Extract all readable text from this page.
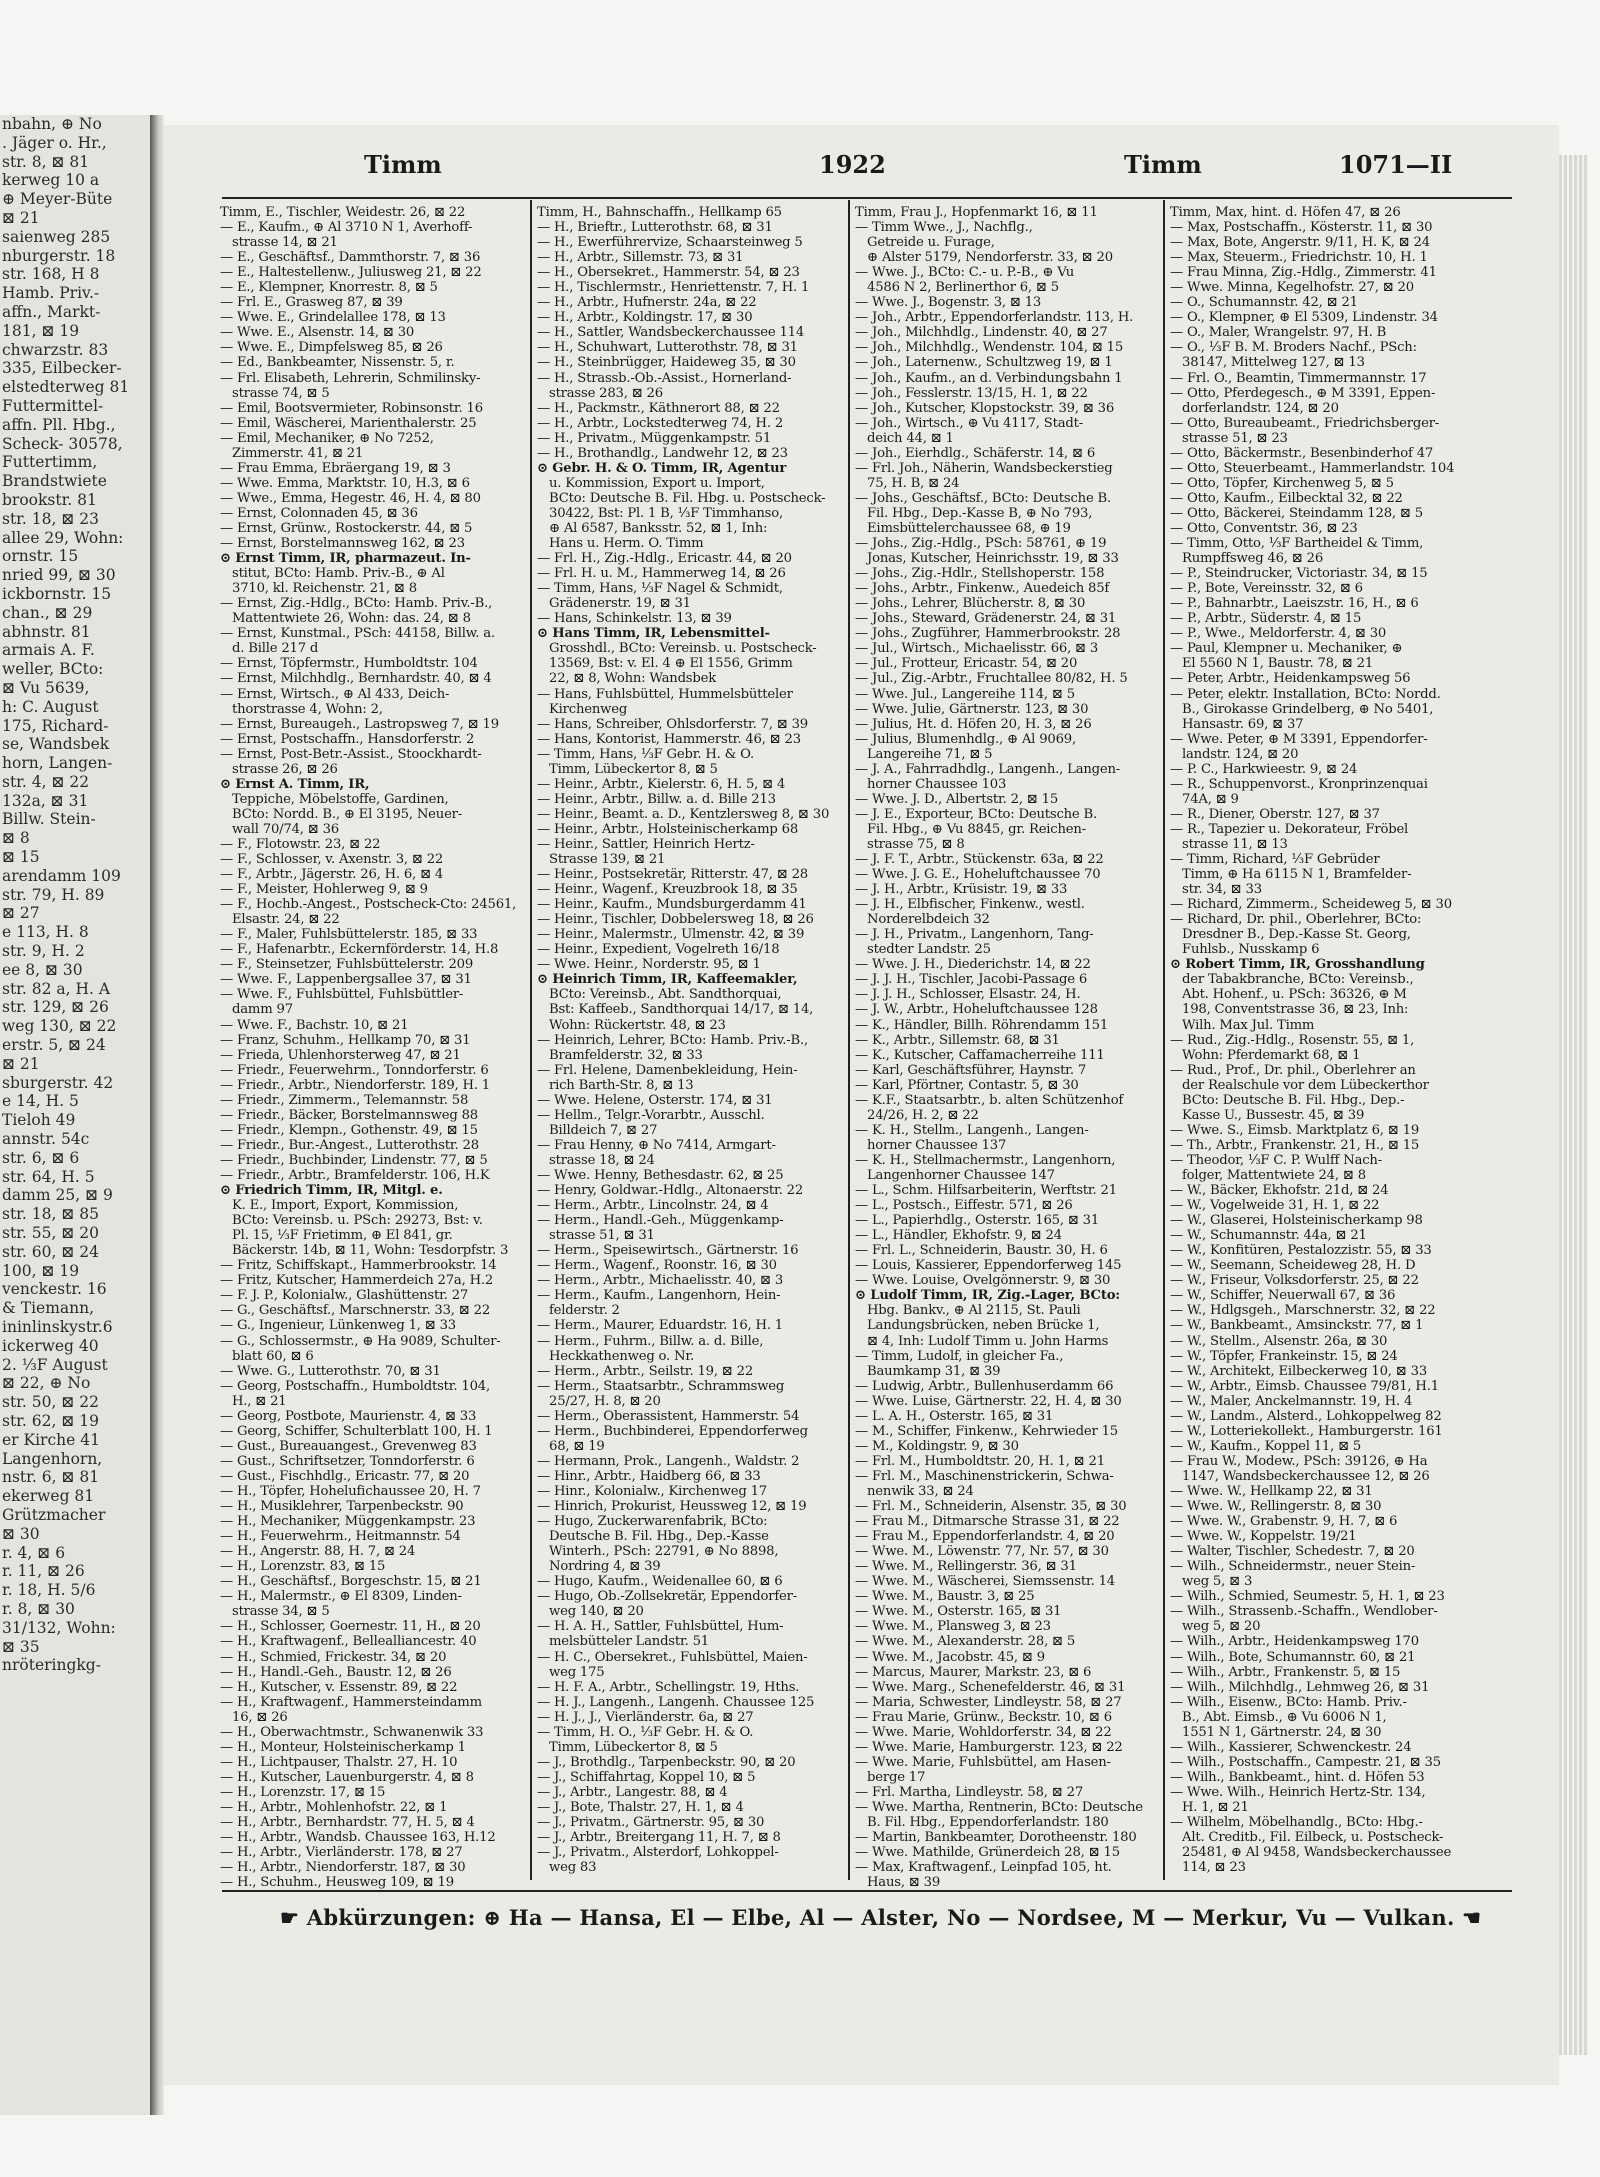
nbahn, ⊕ No
. Jäger o. Hr.,
str. 8, ⊠ 81
kerweg 10 a
⊕ Meyer-Büte
⊠ 21
saienweg 285
nburgerstr. 18
str. 168, H 8
Hamb. Priv.-
affn., Markt-
181, ⊠ 19
chwarzstr. 83
335, Eilbecker-
elstedterweg 81
Futtermittel-
affn. Pll. Hbg.,
Scheck- 30578,
Futtertimm,
Brandstwiete
brookstr. 81
str. 18, ⊠ 23
allee 29, Wohn:
ornstr. 15
nried 99, ⊠ 30
ickbornstr. 15
chan., ⊠ 29
abhnstr. 81
armais A. F.
weller, BCto:
⊠ Vu 5639,
h: C. August
175, Richard-
se, Wandsbek
horn, Langen-
str. 4, ⊠ 22
132a, ⊠ 31
Billw. Stein-
⊠ 8
⊠ 15
arendamm 109
str. 79, H. 89
⊠ 27
e 113, H. 8
str. 9, H. 2
ee 8, ⊠ 30
str. 82 a, H. A
str. 129, ⊠ 26
weg 130, ⊠ 22
erstr. 5, ⊠ 24
⊠ 21
sburgerstr. 42
e 14, H. 5
Tieloh 49
annstr. 54c
str. 6, ⊠ 6
str. 64, H. 5
damm 25, ⊠ 9
str. 18, ⊠ 85
str. 55, ⊠ 20
str. 60, ⊠ 24
100, ⊠ 19
venckestr. 16
& Tiemann,
ininlinskystr.6
ickerweg 40
2. ⅓F August
⊠ 22, ⊕ No
str. 50, ⊠ 22
str. 62, ⊠ 19
er Kirche 41
Langenhorn,
nstr. 6, ⊠ 81
ekerweg 81
Grützmacher
⊠ 30
r. 4, ⊠ 6
r. 11, ⊠ 26
r. 18, H. 5/6
r. 8, ⊠ 30
31/132, Wohn:
⊠ 35
nröteringkg-
Timm	1922	Timm	1071—II
Timm, E., Tischler, Weidestr. 26, ⊠ 22
— E., Kaufm., ⊕ Al 3710 N 1, Averhoff-
strasse 14, ⊠ 21
— E., Geschäftsf., Dammthorstr. 7, ⊠ 36
— E., Haltestellenw., Juliusweg 21, ⊠ 22
— E., Klempner, Knorrestr. 8, ⊠ 5
— Frl. E., Grasweg 87, ⊠ 39
— Wwe. E., Grindelallee 178, ⊠ 13
— Wwe. E., Alsenstr. 14, ⊠ 30
— Wwe. E., Dimpfelsweg 85, ⊠ 26
— Ed., Bankbeamter, Nissenstr. 5, r.
— Frl. Elisabeth, Lehrerin, Schmilinsky-
strasse 74, ⊠ 5
— Emil, Bootsvermieter, Robinsonstr. 16
— Emil, Wäscherei, Marienthalerstr. 25
— Emil, Mechaniker, ⊕ No 7252,
Zimmerstr. 41, ⊠ 21
— Frau Emma, Ebräergang 19, ⊠ 3
— Wwe. Emma, Marktstr. 10, H.3, ⊠ 6
— Wwe., Emma, Hegestr. 46, H. 4, ⊠ 80
— Ernst, Colonnaden 45, ⊠ 36
— Ernst, Grünw., Rostockerstr. 44, ⊠ 5
— Ernst, Borstelmannsweg 162, ⊠ 23
⊙ Ernst Timm, IR, pharmazeut. In-
stitut, BCto: Hamb. Priv.-B., ⊕ Al
3710, kl. Reichenstr. 21, ⊠ 8
— Ernst, Zig.-Hdlg., BCto: Hamb. Priv.-B.,
Mattentwiete 26, Wohn: das. 24, ⊠ 8
— Ernst, Kunstmal., PSch: 44158, Billw. a.
d. Bille 217 d
— Ernst, Töpfermstr., Humboldtstr. 104
— Ernst, Milchhdlg., Bernhardstr. 40, ⊠ 4
— Ernst, Wirtsch., ⊕ Al 433, Deich-
thorstrasse 4, Wohn: 2,
— Ernst, Bureaugeh., Lastropsweg 7, ⊠ 19
— Ernst, Postschaffn., Hansdorferstr. 2
— Ernst, Post-Betr.-Assist., Stoockhardt-
strasse 26, ⊠ 26
⊙ Ernst A. Timm, IR,
Teppiche, Möbelstoffe, Gardinen,
BCto: Nordd. B., ⊕ El 3195, Neuer-
wall 70/74, ⊠ 36
— F., Flotowstr. 23, ⊠ 22
— F., Schlosser, v. Axenstr. 3, ⊠ 22
— F., Arbtr., Jägerstr. 26, H. 6, ⊠ 4
— F., Meister, Hohlerweg 9, ⊠ 9
— F., Hochb.-Angest., Postscheck-Cto: 24561,
Elsastr. 24, ⊠ 22
— F., Maler, Fuhlsbüttelerstr. 185, ⊠ 33
— F., Hafenarbtr., Eckernförderstr. 14, H.8
— F., Steinsetzer, Fuhlsbüttelerstr. 209
— Wwe. F., Lappenbergsallee 37, ⊠ 31
— Wwe. F., Fuhlsbüttel, Fuhlsbüttler-
damm 97
— Wwe. F., Bachstr. 10, ⊠ 21
— Franz, Schuhm., Hellkamp 70, ⊠ 31
— Frieda, Uhlenhorsterweg 47, ⊠ 21
— Friedr., Feuerwehrm., Tonndorferstr. 6
— Friedr., Arbtr., Niendorferstr. 189, H. 1
— Friedr., Zimmerm., Telemannstr. 58
— Friedr., Bäcker, Borstelmannsweg 88
— Friedr., Klempn., Gothenstr. 49, ⊠ 15
— Friedr., Bur.-Angest., Lutterothstr. 28
— Friedr., Buchbinder, Lindenstr. 77, ⊠ 5
— Friedr., Arbtr., Bramfelderstr. 106, H.K
⊙ Friedrich Timm, IR, Mitgl. e.
K. E., Import, Export, Kommission,
BCto: Vereinsb. u. PSch: 29273, Bst: v.
Pl. 15, ⅓F Frietimm, ⊕ El 841, gr.
Bäckerstr. 14b, ⊠ 11, Wohn: Tesdorpfstr. 3
— Fritz, Schiffskapt., Hammerbrookstr. 14
— Fritz, Kutscher, Hammerdeich 27a, H.2
— F. J. P., Kolonialw., Glashüttenstr. 27
— G., Geschäftsf., Marschnerstr. 33, ⊠ 22
— G., Ingenieur, Lünkenweg 1, ⊠ 33
— G., Schlossermstr., ⊕ Ha 9089, Schulter-
blatt 60, ⊠ 6
— Wwe. G., Lutterothstr. 70, ⊠ 31
— Georg, Postschaffn., Humboldtstr. 104,
H., ⊠ 21
— Georg, Postbote, Maurienstr. 4, ⊠ 33
— Georg, Schiffer, Schulterblatt 100, H. 1
— Gust., Bureauangest., Grevenweg 83
— Gust., Schriftsetzer, Tonndorferstr. 6
— Gust., Fischhdlg., Ericastr. 77, ⊠ 20
— H., Töpfer, Hohelufichaussee 20, H. 7
— H., Musiklehrer, Tarpenbeckstr. 90
— H., Mechaniker, Müggenkampstr. 23
— H., Feuerwehrm., Heitmannstr. 54
— H., Angerstr. 88, H. 7, ⊠ 24
— H., Lorenzstr. 83, ⊠ 15
— H., Geschäftsf., Borgeschstr. 15, ⊠ 21
— H., Malermstr., ⊕ El 8309, Linden-
strasse 34, ⊠ 5
— H., Schlosser, Goernestr. 11, H., ⊠ 20
— H., Kraftwagenf., Bellealliancestr. 40
— H., Schmied, Frickestr. 34, ⊠ 20
— H., Handl.-Geh., Baustr. 12, ⊠ 26
— H., Kutscher, v. Essenstr. 89, ⊠ 22
— H., Kraftwagenf., Hammersteindamm
16, ⊠ 26
— H., Oberwachtmstr., Schwanenwik 33
— H., Monteur, Holsteinischerkamp 1
— H., Lichtpauser, Thalstr. 27, H. 10
— H., Kutscher, Lauenburgerstr. 4, ⊠ 8
— H., Lorenzstr. 17, ⊠ 15
— H., Arbtr., Mohlenhofstr. 22, ⊠ 1
— H., Arbtr., Bernhardstr. 77, H. 5, ⊠ 4
— H., Arbtr., Wandsb. Chaussee 163, H.12
— H., Arbtr., Vierländerstr. 178, ⊠ 27
— H., Arbtr., Niendorferstr. 187, ⊠ 30
— H., Schuhm., Heusweg 109, ⊠ 19
Timm, H., Bahnschaffn., Hellkamp 65
— H., Brieftr., Lutterothstr. 68, ⊠ 31
— H., Ewerführervize, Schaarsteinweg 5
— H., Arbtr., Sillemstr. 73, ⊠ 31
— H., Obersekret., Hammerstr. 54, ⊠ 23
— H., Tischlermstr., Henriettenstr. 7, H. 1
— H., Arbtr., Hufnerstr. 24a, ⊠ 22
— H., Arbtr., Koldingstr. 17, ⊠ 30
— H., Sattler, Wandsbeckerchaussee 114
— H., Schuhwart, Lutterothstr. 78, ⊠ 31
— H., Steinbrügger, Haideweg 35, ⊠ 30
— H., Strassb.-Ob.-Assist., Hornerland-
strasse 283, ⊠ 26
— H., Packmstr., Käthnerort 88, ⊠ 22
— H., Arbtr., Lockstedterweg 74, H. 2
— H., Privatm., Müggenkampstr. 51
— H., Brothandlg., Landwehr 12, ⊠ 23
⊙ Gebr. H. & O. Timm, IR, Agentur
u. Kommission, Export u. Import,
BCto: Deutsche B. Fil. Hbg. u. Postscheck-
30422, Bst: Pl. 1 B, ⅓F Timmhanso,
⊕ Al 6587, Banksstr. 52, ⊠ 1, Inh:
Hans u. Herm. O. Timm
— Frl. H., Zig.-Hdlg., Ericastr. 44, ⊠ 20
— Frl. H. u. M., Hammerweg 14, ⊠ 26
— Timm, Hans, ⅓F Nagel & Schmidt,
Grädenerstr. 19, ⊠ 31
— Hans, Schinkelstr. 13, ⊠ 39
⊙ Hans Timm, IR, Lebensmittel-
Grosshdl., BCto: Vereinsb. u. Postscheck-
13569, Bst: v. El. 4 ⊕ El 1556, Grimm
22, ⊠ 8, Wohn: Wandsbek
— Hans, Fuhlsbüttel, Hummelsbütteler
Kirchenweg
— Hans, Schreiber, Ohlsdorferstr. 7, ⊠ 39
— Hans, Kontorist, Hammerstr. 46, ⊠ 23
— Timm, Hans, ⅓F Gebr. H. & O.
Timm, Lübeckertor 8, ⊠ 5
— Heinr., Arbtr., Kielerstr. 6, H. 5, ⊠ 4
— Heinr., Arbtr., Billw. a. d. Bille 213
— Heinr., Beamt. a. D., Kentzlersweg 8, ⊠ 30
— Heinr., Arbtr., Holsteinischerkamp 68
— Heinr., Sattler, Heinrich Hertz-
Strasse 139, ⊠ 21
— Heinr., Postsekretär, Ritterstr. 47, ⊠ 28
— Heinr., Wagenf., Kreuzbrook 18, ⊠ 35
— Heinr., Kaufm., Mundsburgerdamm 41
— Heinr., Tischler, Dobbelersweg 18, ⊠ 26
— Heinr., Malermstr., Ulmenstr. 42, ⊠ 39
— Heinr., Expedient, Vogelreth 16/18
— Wwe. Heinr., Norderstr. 95, ⊠ 1
⊙ Heinrich Timm, IR, Kaffeemakler,
BCto: Vereinsb., Abt. Sandthorquai,
Bst: Kaffeeb., Sandthorquai 14/17, ⊠ 14,
Wohn: Rückertstr. 48, ⊠ 23
— Heinrich, Lehrer, BCto: Hamb. Priv.-B.,
Bramfelderstr. 32, ⊠ 33
— Frl. Helene, Damenbekleidung, Hein-
rich Barth-Str. 8, ⊠ 13
— Wwe. Helene, Osterstr. 174, ⊠ 31
— Hellm., Telgr.-Vorarbtr., Ausschl.
Billdeich 7, ⊠ 27
— Frau Henny, ⊕ No 7414, Armgart-
strasse 18, ⊠ 24
— Wwe. Henny, Bethesdastr. 62, ⊠ 25
— Henry, Goldwar.-Hdlg., Altonaerstr. 22
— Herm., Arbtr., Lincolnstr. 24, ⊠ 4
— Herm., Handl.-Geh., Müggenkamp-
strasse 51, ⊠ 31
— Herm., Speisewirtsch., Gärtnerstr. 16
— Herm., Wagenf., Roonstr. 16, ⊠ 30
— Herm., Arbtr., Michaelisstr. 40, ⊠ 3
— Herm., Kaufm., Langenhorn, Hein-
felderstr. 2
— Herm., Maurer, Eduardstr. 16, H. 1
— Herm., Fuhrm., Billw. a. d. Bille,
Heckkathenweg o. Nr.
— Herm., Arbtr., Seilstr. 19, ⊠ 22
— Herm., Staatsarbtr., Schrammsweg
25/27, H. 8, ⊠ 20
— Herm., Oberassistent, Hammerstr. 54
— Herm., Buchbinderei, Eppendorferweg
68, ⊠ 19
— Hermann, Prok., Langenh., Waldstr. 2
— Hinr., Arbtr., Haidberg 66, ⊠ 33
— Hinr., Kolonialw., Kirchenweg 17
— Hinrich, Prokurist, Heussweg 12, ⊠ 19
— Hugo, Zuckerwarenfabrik, BCto:
Deutsche B. Fil. Hbg., Dep.-Kasse
Winterh., PSch: 22791, ⊕ No 8898,
Nordring 4, ⊠ 39
— Hugo, Kaufm., Weidenallee 60, ⊠ 6
— Hugo, Ob.-Zollsekretär, Eppendorfer-
weg 140, ⊠ 20
— H. A. H., Sattler, Fuhlsbüttel, Hum-
melsbütteler Landstr. 51
— H. C., Obersekret., Fuhlsbüttel, Maien-
weg 175
— H. F. A., Arbtr., Schellingstr. 19, Hths.
— H. J., Langenh., Langenh. Chaussee 125
— H. J., J., Vierländerstr. 6a, ⊠ 27
— Timm, H. O., ⅓F Gebr. H. & O.
Timm, Lübeckertor 8, ⊠ 5
— J., Brothdlg., Tarpenbeckstr. 90, ⊠ 20
— J., Schiffahrtag, Koppel 10, ⊠ 5
— J., Arbtr., Langestr. 88, ⊠ 4
— J., Bote, Thalstr. 27, H. 1, ⊠ 4
— J., Privatm., Gärtnerstr. 95, ⊠ 30
— J., Arbtr., Breitergang 11, H. 7, ⊠ 8
— J., Privatm., Alsterdorf, Lohkoppel-
weg 83
Timm, Frau J., Hopfenmarkt 16, ⊠ 11
— Timm Wwe., J., Nachflg.,
Getreide u. Furage,
⊕ Alster 5179, Nendorferstr. 33, ⊠ 20
— Wwe. J., BCto: C.- u. P.-B., ⊕ Vu
4586 N 2, Berlinerthor 6, ⊠ 5
— Wwe. J., Bogenstr. 3, ⊠ 13
— Joh., Arbtr., Eppendorferlandstr. 113, H.
— Joh., Milchhdlg., Lindenstr. 40, ⊠ 27
— Joh., Milchhdlg., Wendenstr. 104, ⊠ 15
— Joh., Laternenw., Schultzweg 19, ⊠ 1
— Joh., Kaufm., an d. Verbindungsbahn 1
— Joh., Fesslerstr. 13/15, H. 1, ⊠ 22
— Joh., Kutscher, Klopstockstr. 39, ⊠ 36
— Joh., Wirtsch., ⊕ Vu 4117, Stadt-
deich 44, ⊠ 1
— Joh., Eierhdlg., Schäferstr. 14, ⊠ 6
— Frl. Joh., Näherin, Wandsbeckerstieg
75, H. B, ⊠ 24
— Johs., Geschäftsf., BCto: Deutsche B.
Fil. Hbg., Dep.-Kasse B, ⊕ No 793,
Eimsbüttelerchaussee 68, ⊕ 19
— Johs., Zig.-Hdlg., PSch: 58761, ⊕ 19
Jonas, Kutscher, Heinrichsstr. 19, ⊠ 33
— Johs., Zig.-Hdlr., Stellshoperstr. 158
— Johs., Arbtr., Finkenw., Auedeich 85f
— Johs., Lehrer, Blücherstr. 8, ⊠ 30
— Johs., Steward, Grädenerstr. 24, ⊠ 31
— Johs., Zugführer, Hammerbrookstr. 28
— Jul., Wirtsch., Michaelisstr. 66, ⊠ 3
— Jul., Frotteur, Ericastr. 54, ⊠ 20
— Jul., Zig.-Arbtr., Fruchtallee 80/82, H. 5
— Wwe. Jul., Langereihe 114, ⊠ 5
— Wwe. Julie, Gärtnerstr. 123, ⊠ 30
— Julius, Ht. d. Höfen 20, H. 3, ⊠ 26
— Julius, Blumenhdlg., ⊕ Al 9069,
Langereihe 71, ⊠ 5
— J. A., Fahrradhdlg., Langenh., Langen-
horner Chaussee 103
— Wwe. J. D., Albertstr. 2, ⊠ 15
— J. E., Exporteur, BCto: Deutsche B.
Fil. Hbg., ⊕ Vu 8845, gr. Reichen-
strasse 75, ⊠ 8
— J. F. T., Arbtr., Stückenstr. 63a, ⊠ 22
— Wwe. J. G. E., Hoheluftchaussee 70
— J. H., Arbtr., Krüsistr. 19, ⊠ 33
— J. H., Elbfischer, Finkenw., westl.
Norderelbdeich 32
— J. H., Privatm., Langenhorn, Tang-
stedter Landstr. 25
— Wwe. J. H., Diederichstr. 14, ⊠ 22
— J. J. H., Tischler, Jacobi-Passage 6
— J. J. H., Schlosser, Elsastr. 24, H.
— J. W., Arbtr., Hoheluftchaussee 128
— K., Händler, Billh. Röhrendamm 151
— K., Arbtr., Sillemstr. 68, ⊠ 31
— K., Kutscher, Caffamacherreihe 111
— Karl, Geschäftsführer, Haynstr. 7
— Karl, Pförtner, Contastr. 5, ⊠ 30
— K.F., Staatsarbtr., b. alten Schützenhof
24/26, H. 2, ⊠ 22
— K. H., Stellm., Langenh., Langen-
horner Chaussee 137
— K. H., Stellmachermstr., Langenhorn,
Langenhorner Chaussee 147
— L., Schm. Hilfsarbeiterin, Werftstr. 21
— L., Postsch., Eiffestr. 571, ⊠ 26
— L., Papierhdlg., Osterstr. 165, ⊠ 31
— L., Händler, Ekhofstr. 9, ⊠ 24
— Frl. L., Schneiderin, Baustr. 30, H. 6
— Louis, Kassierer, Eppendorferweg 145
— Wwe. Louise, Övelgönnerstr. 9, ⊠ 30
⊙ Ludolf Timm, IR, Zig.-Lager, BCto:
Hbg. Bankv., ⊕ Al 2115, St. Pauli
Landungsbrücken, neben Brücke 1,
⊠ 4, Inh: Ludolf Timm u. John Harms
— Timm, Ludolf, in gleicher Fa.,
Baumkamp 31, ⊠ 39
— Ludwig, Arbtr., Bullenhuserdamm 66
— Wwe. Luise, Gärtnerstr. 22, H. 4, ⊠ 30
— L. A. H., Osterstr. 165, ⊠ 31
— M., Schiffer, Finkenw., Kehrwieder 15
— M., Koldingstr. 9, ⊠ 30
— Frl. M., Humboldtstr. 20, H. 1, ⊠ 21
— Frl. M., Maschinenstrickerin, Schwa-
nenwik 33, ⊠ 24
— Frl. M., Schneiderin, Alsenstr. 35, ⊠ 30
— Frau M., Ditmarsche Strasse 31, ⊠ 22
— Frau M., Eppendorferlandstr. 4, ⊠ 20
— Wwe. M., Löwenstr. 77, Nr. 57, ⊠ 30
— Wwe. M., Rellingerstr. 36, ⊠ 31
— Wwe. M., Wäscherei, Siemssenstr. 14
— Wwe. M., Baustr. 3, ⊠ 25
— Wwe. M., Osterstr. 165, ⊠ 31
— Wwe. M., Plansweg 3, ⊠ 23
— Wwe. M., Alexanderstr. 28, ⊠ 5
— Wwe. M., Jacobstr. 45, ⊠ 9
— Marcus, Maurer, Markstr. 23, ⊠ 6
— Wwe. Marg., Schenefelderstr. 46, ⊠ 31
— Maria, Schwester, Lindleystr. 58, ⊠ 27
— Frau Marie, Grünw., Beckstr. 10, ⊠ 6
— Wwe. Marie, Wohldorferstr. 34, ⊠ 22
— Wwe. Marie, Hamburgerstr. 123, ⊠ 22
— Wwe. Marie, Fuhlsbüttel, am Hasen-
berge 17
— Frl. Martha, Lindleystr. 58, ⊠ 27
— Wwe. Martha, Rentnerin, BCto: Deutsche
B. Fil. Hbg., Eppendorferlandstr. 180
— Martin, Bankbeamter, Dorotheenstr. 180
— Wwe. Mathilde, Grünerdeich 28, ⊠ 15
— Max, Kraftwagenf., Leinpfad 105, ht.
Haus, ⊠ 39
Timm, Max, hint. d. Höfen 47, ⊠ 26
— Max, Postschaffn., Kösterstr. 11, ⊠ 30
— Max, Bote, Angerstr. 9/11, H. K, ⊠ 24
— Max, Steuerm., Friedrichstr. 10, H. 1
— Frau Minna, Zig.-Hdlg., Zimmerstr. 41
— Wwe. Minna, Kegelhofstr. 27, ⊠ 20
— O., Schumannstr. 42, ⊠ 21
— O., Klempner, ⊕ El 5309, Lindenstr. 34
— O., Maler, Wrangelstr. 97, H. B
— O., ⅓F B. M. Broders Nachf., PSch:
38147, Mittelweg 127, ⊠ 13
— Frl. O., Beamtin, Timmermannstr. 17
— Otto, Pferdegesch., ⊕ M 3391, Eppen-
dorferlandstr. 124, ⊠ 20
— Otto, Bureaubeamt., Friedrichsberger-
strasse 51, ⊠ 23
— Otto, Bäckermstr., Besenbinderhof 47
— Otto, Steuerbeamt., Hammerlandstr. 104
— Otto, Töpfer, Kirchenweg 5, ⊠ 5
— Otto, Kaufm., Eilbecktal 32, ⊠ 22
— Otto, Bäckerei, Steindamm 128, ⊠ 5
— Otto, Conventstr. 36, ⊠ 23
— Timm, Otto, ⅓F Bartheidel & Timm,
Rumpffsweg 46, ⊠ 26
— P., Steindrucker, Victoriastr. 34, ⊠ 15
— P., Bote, Vereinsstr. 32, ⊠ 6
— P., Bahnarbtr., Laeiszstr. 16, H., ⊠ 6
— P., Arbtr., Süderstr. 4, ⊠ 15
— P., Wwe., Meldorferstr. 4, ⊠ 30
— Paul, Klempner u. Mechaniker, ⊕
El 5560 N 1, Baustr. 78, ⊠ 21
— Peter, Arbtr., Heidenkampsweg 56
— Peter, elektr. Installation, BCto: Nordd.
B., Girokasse Grindelberg, ⊕ No 5401,
Hansastr. 69, ⊠ 37
— Wwe. Peter, ⊕ M 3391, Eppendorfer-
landstr. 124, ⊠ 20
— P. C., Harkwieestr. 9, ⊠ 24
— R., Schuppenvorst., Kronprinzenquai
74A, ⊠ 9
— R., Diener, Oberstr. 127, ⊠ 37
— R., Tapezier u. Dekorateur, Fröbel
strasse 11, ⊠ 13
— Timm, Richard, ⅓F Gebrüder
Timm, ⊕ Ha 6115 N 1, Bramfelder-
str. 34, ⊠ 33
— Richard, Zimmerm., Scheideweg 5, ⊠ 30
— Richard, Dr. phil., Oberlehrer, BCto:
Dresdner B., Dep.-Kasse St. Georg,
Fuhlsb., Nusskamp 6
⊙ Robert Timm, IR, Grosshandlung
der Tabakbranche, BCto: Vereinsb.,
Abt. Hohenf., u. PSch: 36326, ⊕ M
198, Conventstrasse 36, ⊠ 23, Inh:
Wilh. Max Jul. Timm
— Rud., Zig.-Hdlg., Rosenstr. 55, ⊠ 1,
Wohn: Pferdemarkt 68, ⊠ 1
— Rud., Prof., Dr. phil., Oberlehrer an
der Realschule vor dem Lübeckerthor
BCto: Deutsche B. Fil. Hbg., Dep.-
Kasse U., Bussestr. 45, ⊠ 39
— Wwe. S., Eimsb. Marktplatz 6, ⊠ 19
— Th., Arbtr., Frankenstr. 21, H., ⊠ 15
— Theodor, ⅓F C. P. Wulff Nach-
folger, Mattentwiete 24, ⊠ 8
— W., Bäcker, Ekhofstr. 21d, ⊠ 24
— W., Vogelweide 31, H. 1, ⊠ 22
— W., Glaserei, Holsteinischerkamp 98
— W., Schumannstr. 44a, ⊠ 21
— W., Konfitüren, Pestalozzistr. 55, ⊠ 33
— W., Seemann, Scheideweg 28, H. D
— W., Friseur, Volksdorferstr. 25, ⊠ 22
— W., Schiffer, Neuerwall 67, ⊠ 36
— W., Hdlgsgeh., Marschnerstr. 32, ⊠ 22
— W., Bankbeamt., Amsinckstr. 77, ⊠ 1
— W., Stellm., Alsenstr. 26a, ⊠ 30
— W., Töpfer, Frankeinstr. 15, ⊠ 24
— W., Architekt, Eilbeckerweg 10, ⊠ 33
— W., Arbtr., Eimsb. Chaussee 79/81, H.1
— W., Maler, Anckelmannstr. 19, H. 4
— W., Landm., Alsterd., Lohkoppelweg 82
— W., Lotteriekollekt., Hamburgerstr. 161
— W., Kaufm., Koppel 11, ⊠ 5
— Frau W., Modew., PSch: 39126, ⊕ Ha
1147, Wandsbeckerchaussee 12, ⊠ 26
— Wwe. W., Hellkamp 22, ⊠ 31
— Wwe. W., Rellingerstr. 8, ⊠ 30
— Wwe. W., Grabenstr. 9, H. 7, ⊠ 6
— Wwe. W., Koppelstr. 19/21
— Walter, Tischler, Schedestr. 7, ⊠ 20
— Wilh., Schneidermstr., neuer Stein-
weg 5, ⊠ 3
— Wilh., Schmied, Seumestr. 5, H. 1, ⊠ 23
— Wilh., Strassenb.-Schaffn., Wendlober-
weg 5, ⊠ 20
— Wilh., Arbtr., Heidenkampsweg 170
— Wilh., Bote, Schumannstr. 60, ⊠ 21
— Wilh., Arbtr., Frankenstr. 5, ⊠ 15
— Wilh., Milchhdlg., Lehmweg 26, ⊠ 31
— Wilh., Eisenw., BCto: Hamb. Priv.-
B., Abt. Eimsb., ⊕ Vu 6006 N 1,
1551 N 1, Gärtnerstr. 24, ⊠ 30
— Wilh., Kassierer, Schwenckestr. 24
— Wilh., Postschaffn., Campestr. 21, ⊠ 35
— Wilh., Bankbeamt., hint. d. Höfen 53
— Wwe. Wilh., Heinrich Hertz-Str. 134,
H. 1, ⊠ 21
— Wilhelm, Möbelhandlg., BCto: Hbg.-
Alt. Creditb., Fil. Eilbeck, u. Postscheck-
25481, ⊕ Al 9458, Wandsbeckerchaussee
114, ⊠ 23
☛ Abkürzungen: ⊕ Ha — Hansa, El — Elbe, Al — Alster, No — Nordsee, M — Merkur, Vu — Vulkan. ☚
